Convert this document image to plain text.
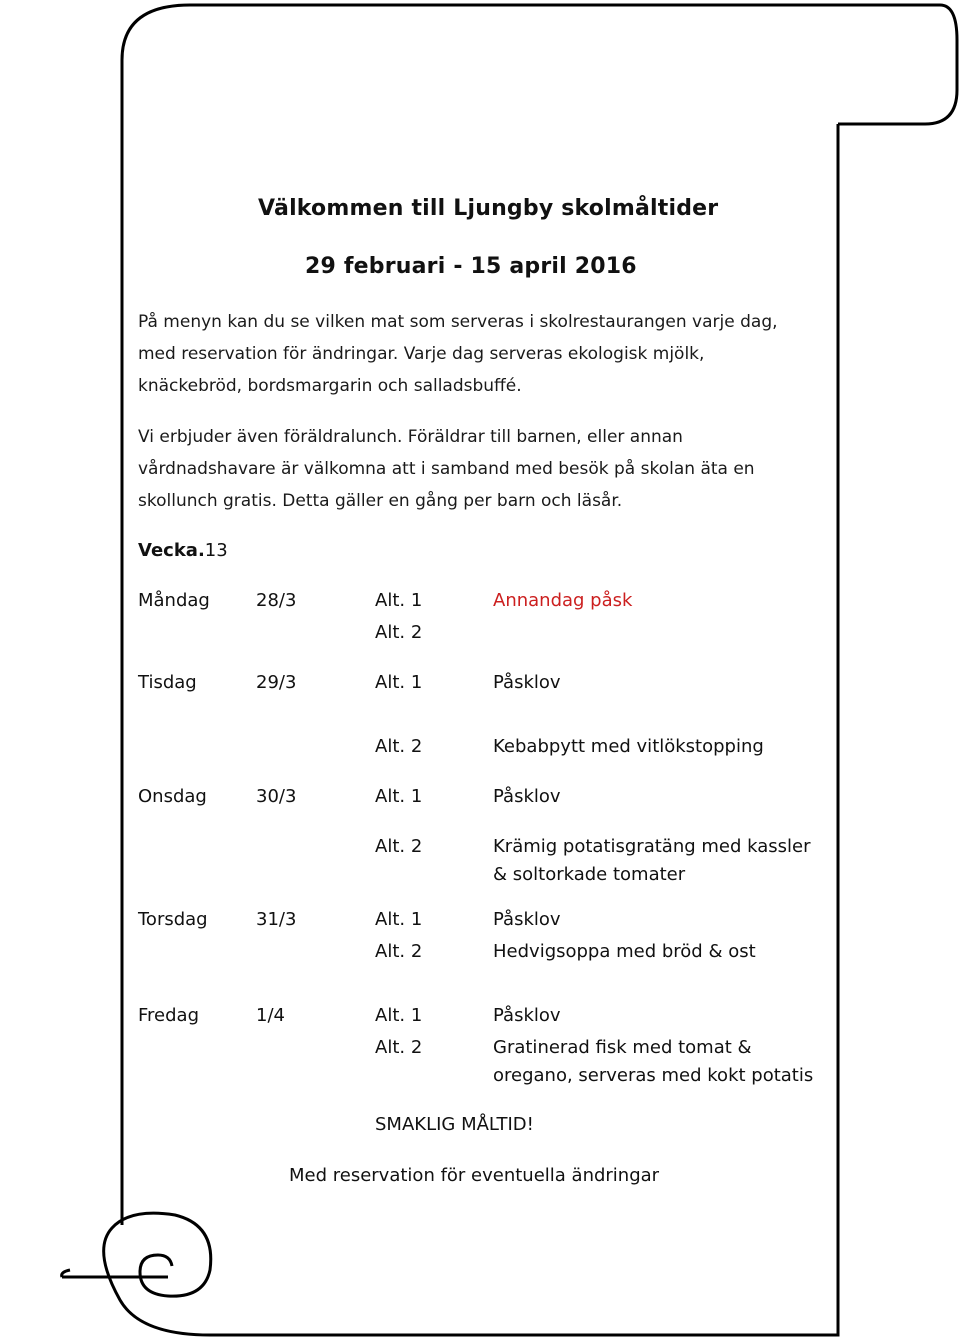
Välkommen till Ljungby skolmåltider
29 februari - 15 april 2016
På menyn kan du se vilken mat som serveras i skolrestaurangen varje dag,
med reservation för ändringar. Varje dag serveras ekologisk mjölk,
knäckebröd, bordsmargarin och salladsbuffé.
Vi erbjuder även föräldralunch. Föräldrar till barnen, eller annan
vårdnadshavare är välkomna att i samband med besök på skolan äta en
skollunch gratis. Detta gäller en gång per barn och läsår.
Vecka.13
Måndag	28/3	Alt. 1	Annandag påsk
Alt. 2
Tisdag	29/3	Alt. 1	Påsklov
Alt. 2	Kebabpytt med vitlökstopping
Onsdag	30/3	Alt. 1	Påsklov
Alt. 2	Krämig potatisgratäng med kassler
& soltorkade tomater
Torsdag	31/3	Alt. 1	Påsklov
Alt. 2	Hedvigsoppa med bröd & ost
Fredag	1/4	Alt. 1	Påsklov
Alt. 2	Gratinerad fisk med tomat &
oregano, serveras med kokt potatis
SMAKLIG MÅLTID!
Med reservation för eventuella ändringar
